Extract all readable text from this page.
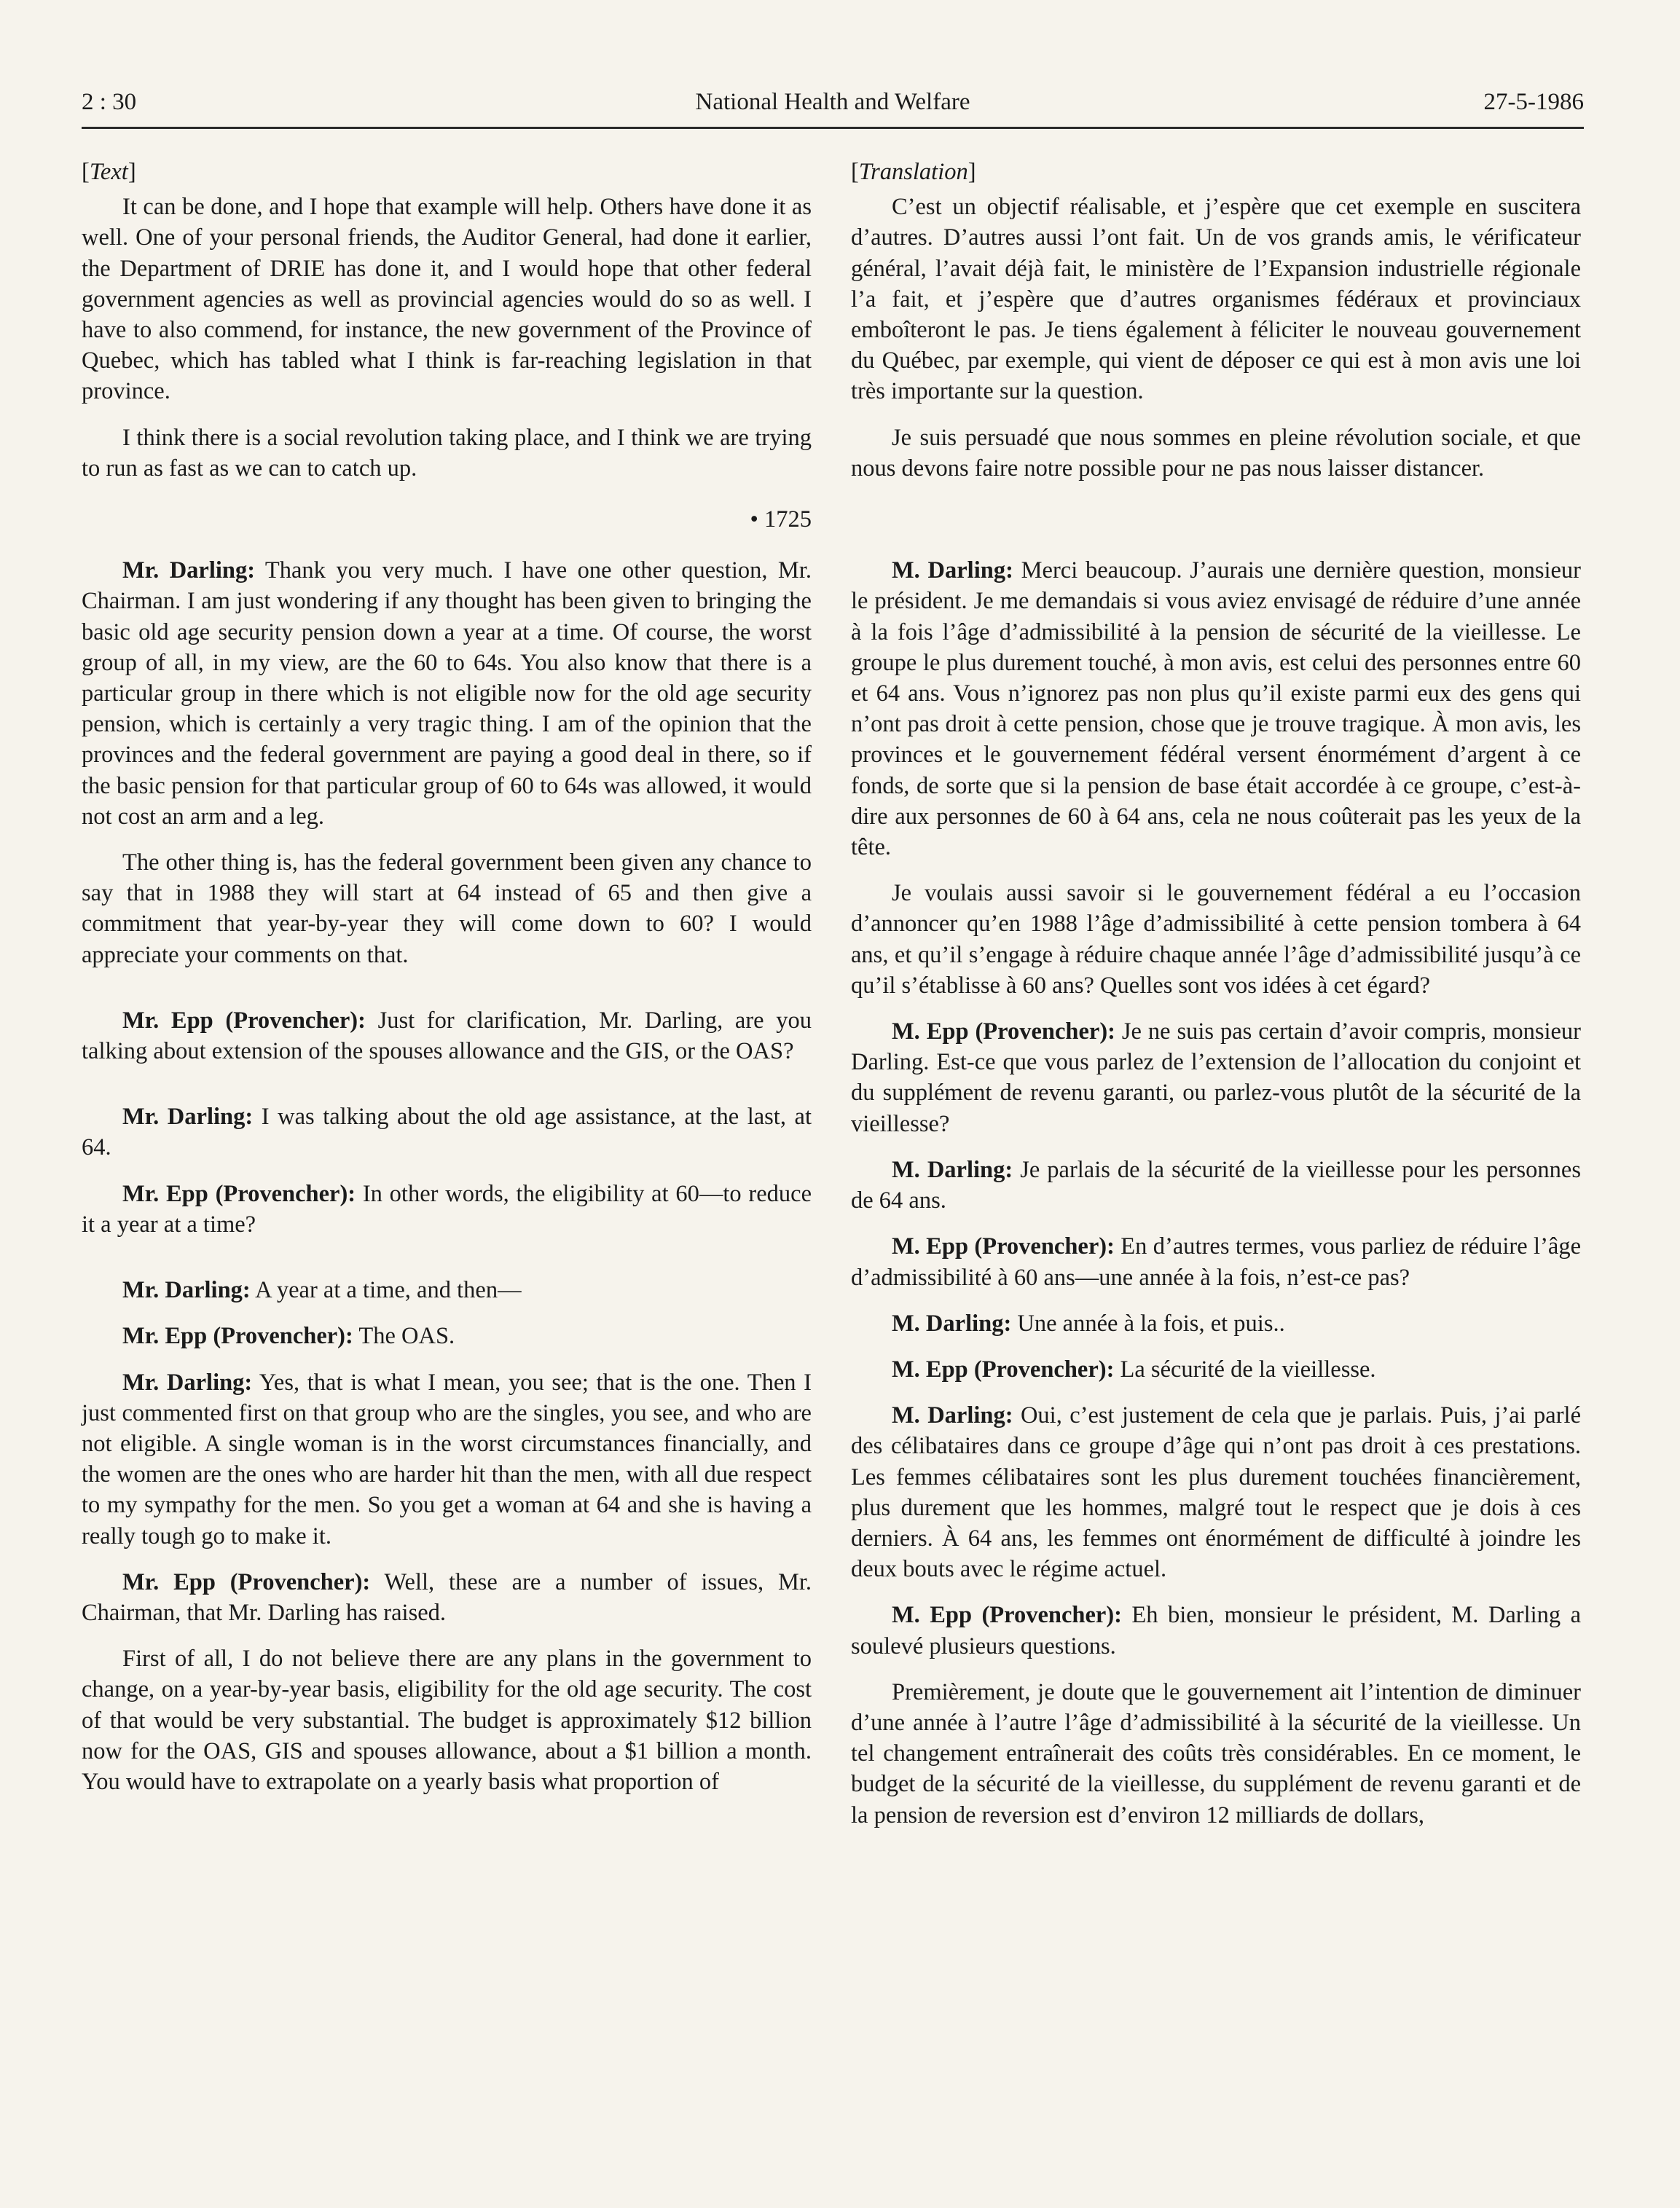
2 : 30	National Health and Welfare	27-5-1986

[Text]

It can be done, and I hope that example will help. Others have done it as well. One of your personal friends, the Auditor General, had done it earlier, the Department of DRIE has done it, and I would hope that other federal government agencies as well as provincial agencies would do so as well. I have to also commend, for instance, the new government of the Province of Quebec, which has tabled what I think is far-reaching legislation in that province.

I think there is a social revolution taking place, and I think we are trying to run as fast as we can to catch up.

• 1725

Mr. Darling: Thank you very much. I have one other question, Mr. Chairman. I am just wondering if any thought has been given to bringing the basic old age security pension down a year at a time. Of course, the worst group of all, in my view, are the 60 to 64s. You also know that there is a particular group in there which is not eligible now for the old age security pension, which is certainly a very tragic thing. I am of the opinion that the provinces and the federal government are paying a good deal in there, so if the basic pension for that particular group of 60 to 64s was allowed, it would not cost an arm and a leg.

The other thing is, has the federal government been given any chance to say that in 1988 they will start at 64 instead of 65 and then give a commitment that year-by-year they will come down to 60? I would appreciate your comments on that.

Mr. Epp (Provencher): Just for clarification, Mr. Darling, are you talking about extension of the spouses allowance and the GIS, or the OAS?

Mr. Darling: I was talking about the old age assistance, at the last, at 64.

Mr. Epp (Provencher): In other words, the eligibility at 60—to reduce it a year at a time?

Mr. Darling: A year at a time, and then—

Mr. Epp (Provencher): The OAS.

Mr. Darling: Yes, that is what I mean, you see; that is the one. Then I just commented first on that group who are the singles, you see, and who are not eligible. A single woman is in the worst circumstances financially, and the women are the ones who are harder hit than the men, with all due respect to my sympathy for the men. So you get a woman at 64 and she is having a really tough go to make it.

Mr. Epp (Provencher): Well, these are a number of issues, Mr. Chairman, that Mr. Darling has raised.

First of all, I do not believe there are any plans in the government to change, on a year-by-year basis, eligibility for the old age security. The cost of that would be very substantial. The budget is approximately $12 billion now for the OAS, GIS and spouses allowance, about a $1 billion a month. You would have to extrapolate on a yearly basis what proportion of

[Translation]

C’est un objectif réalisable, et j’espère que cet exemple en suscitera d’autres. D’autres aussi l’ont fait. Un de vos grands amis, le vérificateur général, l’avait déjà fait, le ministère de l’Expansion industrielle régionale l’a fait, et j’espère que d’autres organismes fédéraux et provinciaux emboîteront le pas. Je tiens également à féliciter le nouveau gouvernement du Québec, par exemple, qui vient de déposer ce qui est à mon avis une loi très importante sur la question.

Je suis persuadé que nous sommes en pleine révolution sociale, et que nous devons faire notre possible pour ne pas nous laisser distancer.

M. Darling: Merci beaucoup. J’aurais une dernière question, monsieur le président. Je me demandais si vous aviez envisagé de réduire d’une année à la fois l’âge d’admissibilité à la pension de sécurité de la vieillesse. Le groupe le plus durement touché, à mon avis, est celui des personnes entre 60 et 64 ans. Vous n’ignorez pas non plus qu’il existe parmi eux des gens qui n’ont pas droit à cette pension, chose que je trouve tragique. À mon avis, les provinces et le gouvernement fédéral versent énormément d’argent à ce fonds, de sorte que si la pension de base était accordée à ce groupe, c’est-à-dire aux personnes de 60 à 64 ans, cela ne nous coûterait pas les yeux de la tête.

Je voulais aussi savoir si le gouvernement fédéral a eu l’occasion d’annoncer qu’en 1988 l’âge d’admissibilité à cette pension tombera à 64 ans, et qu’il s’engage à réduire chaque année l’âge d’admissibilité jusqu’à ce qu’il s’établisse à 60 ans? Quelles sont vos idées à cet égard?

M. Epp (Provencher): Je ne suis pas certain d’avoir compris, monsieur Darling. Est-ce que vous parlez de l’extension de l’allocation du conjoint et du supplément de revenu garanti, ou parlez-vous plutôt de la sécurité de la vieillesse?

M. Darling: Je parlais de la sécurité de la vieillesse pour les personnes de 64 ans.

M. Epp (Provencher): En d’autres termes, vous parliez de réduire l’âge d’admissibilité à 60 ans—une année à la fois, n’est-ce pas?

M. Darling: Une année à la fois, et puis..

M. Epp (Provencher): La sécurité de la vieillesse.

M. Darling: Oui, c’est justement de cela que je parlais. Puis, j’ai parlé des célibataires dans ce groupe d’âge qui n’ont pas droit à ces prestations. Les femmes célibataires sont les plus durement touchées financièrement, plus durement que les hommes, malgré tout le respect que je dois à ces derniers. À 64 ans, les femmes ont énormément de difficulté à joindre les deux bouts avec le régime actuel.

M. Epp (Provencher): Eh bien, monsieur le président, M. Darling a soulevé plusieurs questions.

Premièrement, je doute que le gouvernement ait l’intention de diminuer d’une année à l’autre l’âge d’admissibilité à la sécurité de la vieillesse. Un tel changement entraînerait des coûts très considérables. En ce moment, le budget de la sécurité de la vieillesse, du supplément de revenu garanti et de la pension de reversion est d’environ 12 milliards de dollars,
